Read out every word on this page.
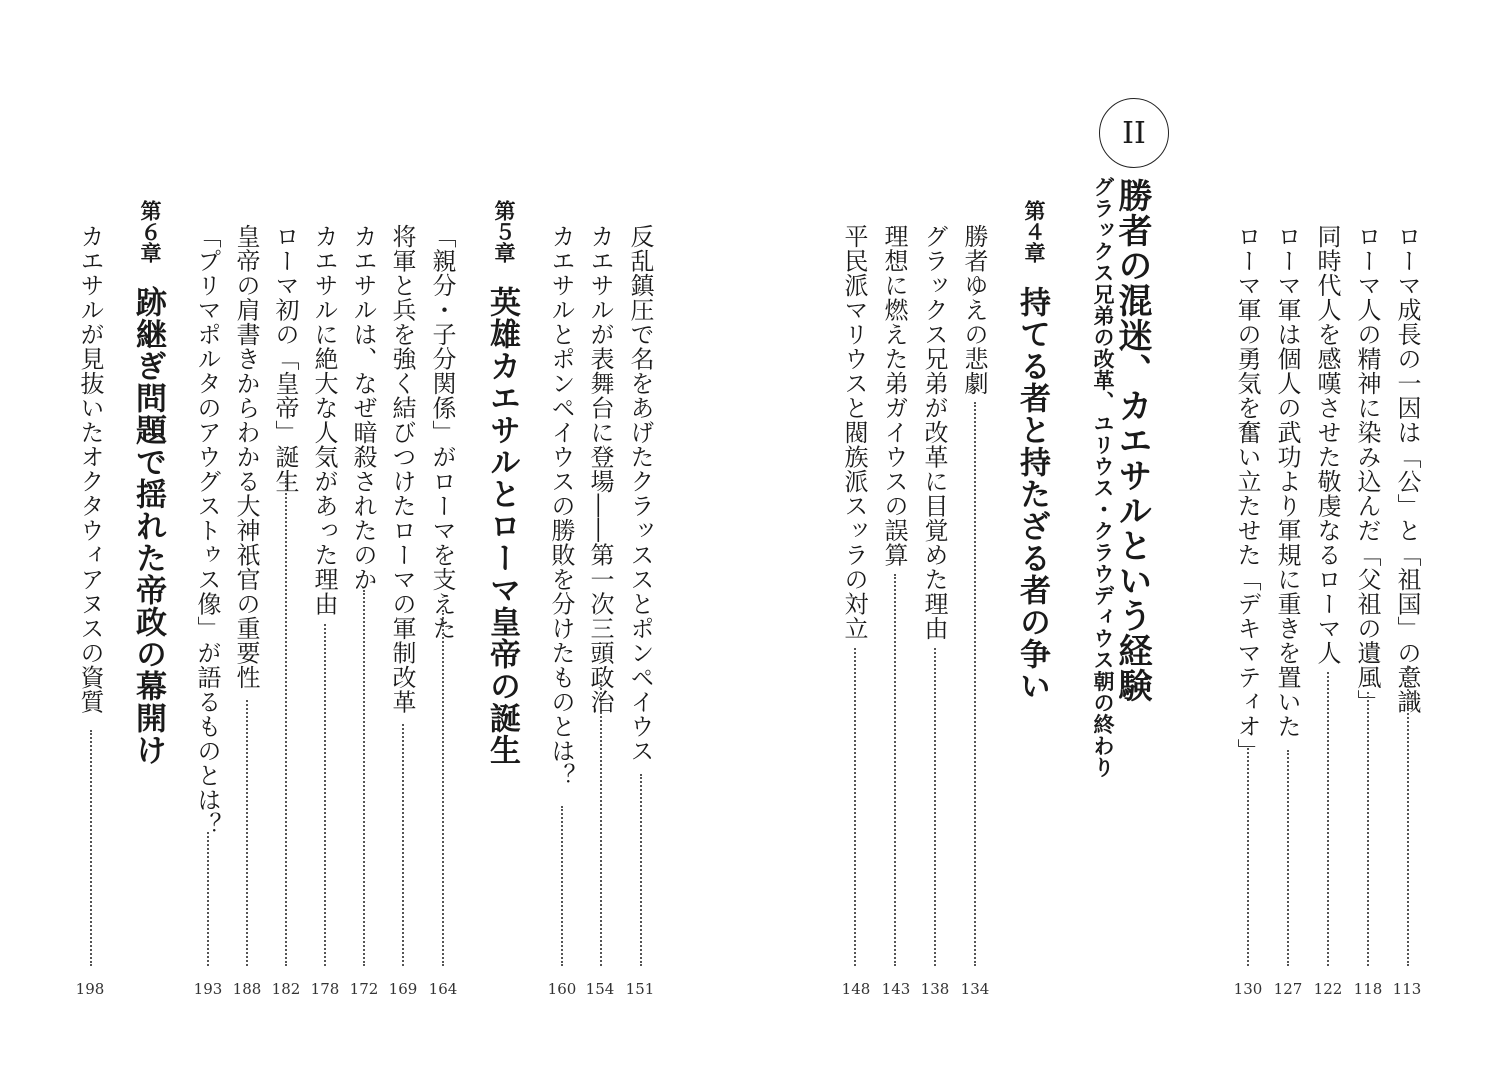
II
勝者の混迷、カエサルという経験
グラックス兄弟の改革、ユリウス・クラウディウス朝の終わり	ローマ成長の一因は「公」と「祖国」の意識
113
ローマ人の精神に染み込んだ「父祖の遺風」
118
同時代人を感嘆させた敬虔なるローマ人
122
ローマ軍は個人の武功より軍規に重きを置いた
127
ローマ軍の勇気を奮い立たせた「デキマティオ」
130
第４章
持てる者と持たざる者の争い
勝者ゆえの悲劇
134
グラックス兄弟が改革に目覚めた理由
138
理想に燃えた弟ガイウスの誤算
143
平民派マリウスと閥族派スッラの対立
148
反乱鎮圧で名をあげたクラッススとポンペイウス
151
カエサルが表舞台に登場――第一次三頭政治
154
カエサルとポンペイウスの勝敗を分けたものとは？
160
第５章
英雄カエサルとローマ皇帝の誕生
「親分・子分関係」がローマを支えた
164
将軍と兵を強く結びつけたローマの軍制改革
169
カエサルは、なぜ暗殺されたのか
172
カエサルに絶大な人気があった理由
178
ローマ初の「皇帝」誕生
182
皇帝の肩書きからわかる大神祇官の重要性
188
「プリマポルタのアウグストゥス像」が語るものとは？
193
第６章
跡継ぎ問題で揺れた帝政の幕開け
カエサルが見抜いたオクタウィアヌスの資質
198
